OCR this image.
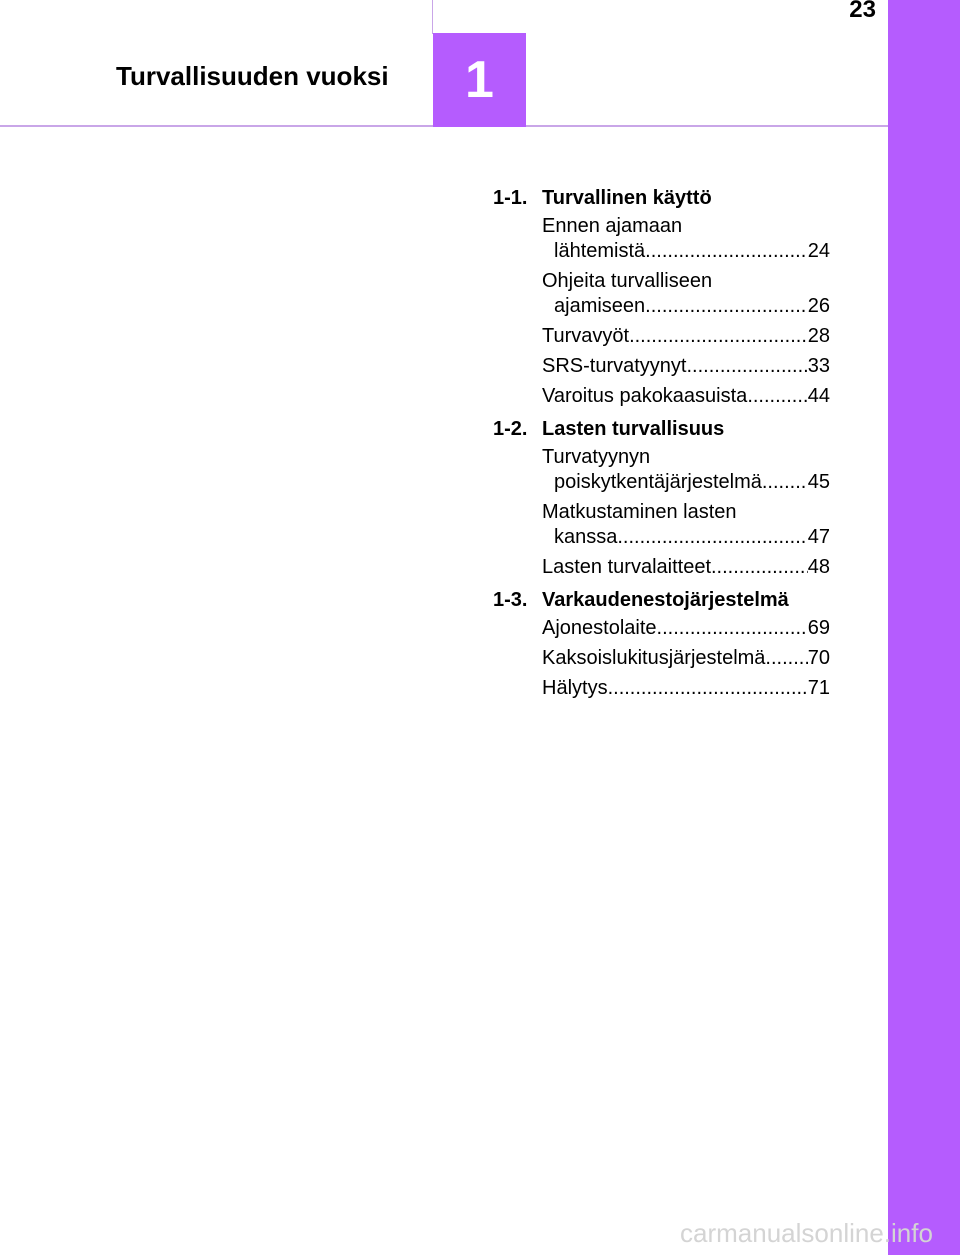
23
Turvallisuuden vuoksi	1
1-1. Turvallinen käyttö
Ennen ajamaan
lähtemistä .....	24
Ohjeita turvalliseen
ajamiseen .....	26
Turvavyöt .....	28
SRS-turvatyynyt .....	33
Varoitus pakokaasuista .....	44
1-2. Lasten turvallisuus
Turvatyynyn
poiskytkentäjärjestelmä ..... 45
Matkustaminen lasten
kanssa .....	47
Lasten turvalaitteet .....	48
1-3. Varkaudenestojärjestelmä
Ajonestolaite .....	69
Kaksoislukitusjärjestelmä ..... 70
Hälytys .....	71
carmanualsonline.info
